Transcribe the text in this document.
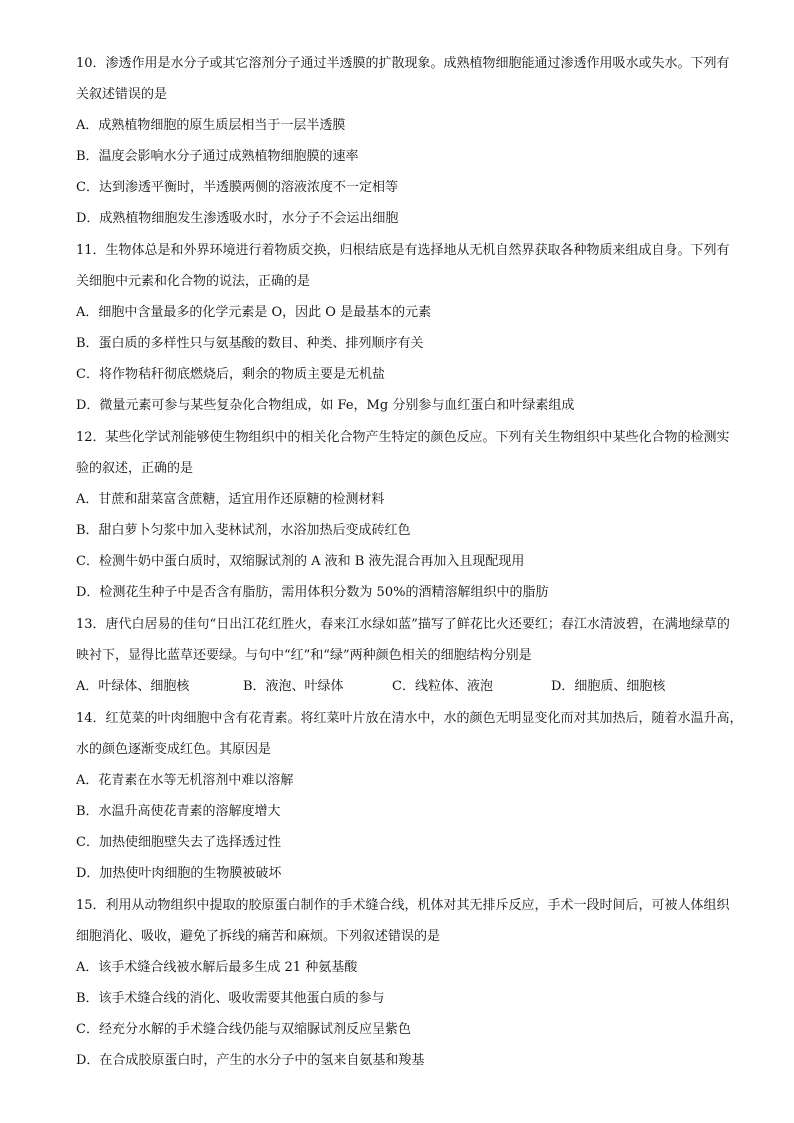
10．渗透作用是水分子或其它溶剂分子通过半透膜的扩散现象。成熟植物细胞能通过渗透作用吸水或失水。下列有
关叙述错误的是
A．成熟植物细胞的原生质层相当于一层半透膜
B．温度会影响水分子通过成熟植物细胞膜的速率
C．达到渗透平衡时，半透膜两侧的溶液浓度不一定相等
D．成熟植物细胞发生渗透吸水时，水分子不会运出细胞
11．生物体总是和外界环境进行着物质交换，归根结底是有选择地从无机自然界获取各种物质来组成自身。下列有
关细胞中元素和化合物的说法，正确的是
A．细胞中含量最多的化学元素是 O，因此 O 是最基本的元素
B．蛋白质的多样性只与氨基酸的数目、种类、排列顺序有关
C．将作物秸秆彻底燃烧后，剩余的物质主要是无机盐
D．微量元素可参与某些复杂化合物组成，如 Fe，Mg 分别参与血红蛋白和叶绿素组成
12．某些化学试剂能够使生物组织中的相关化合物产生特定的颜色反应。下列有关生物组织中某些化合物的检测实
验的叙述，正确的是
A．甘蔗和甜菜富含蔗糖，适宜用作还原糖的检测材料
B．甜白萝卜匀浆中加入斐林试剂，水浴加热后变成砖红色
C．检测牛奶中蛋白质时，双缩脲试剂的 A 液和 B 液先混合再加入且现配现用
D．检测花生种子中是否含有脂肪，需用体积分数为 50%的酒精溶解组织中的脂肪
13．唐代白居易的佳句“日出江花红胜火，春来江水绿如蓝”描写了鲜花比火还要红；春江水清波碧，在满地绿草的
映衬下，显得比蓝草还要绿。与句中“红”和“绿”两种颜色相关的细胞结构分别是
A．叶绿体、细胞核	B．液泡、叶绿体	C．线粒体、液泡	D．细胞质、细胞核
14．红苋菜的叶肉细胞中含有花青素。将红菜叶片放在清水中，水的颜色无明显变化而对其加热后，随着水温升高，
水的颜色逐渐变成红色。其原因是
A．花青素在水等无机溶剂中难以溶解
B．水温升高使花青素的溶解度增大
C．加热使细胞壁失去了选择透过性
D．加热使叶肉细胞的生物膜被破坏
15．利用从动物组织中提取的胶原蛋白制作的手术缝合线，机体对其无排斥反应，手术一段时间后，可被人体组织
细胞消化、吸收，避免了拆线的痛苦和麻烦。下列叙述错误的是
A．该手术缝合线被水解后最多生成 21 种氨基酸
B．该手术缝合线的消化、吸收需要其他蛋白质的参与
C．经充分水解的手术缝合线仍能与双缩脲试剂反应呈紫色
D．在合成胶原蛋白时，产生的水分子中的氢来自氨基和羧基
